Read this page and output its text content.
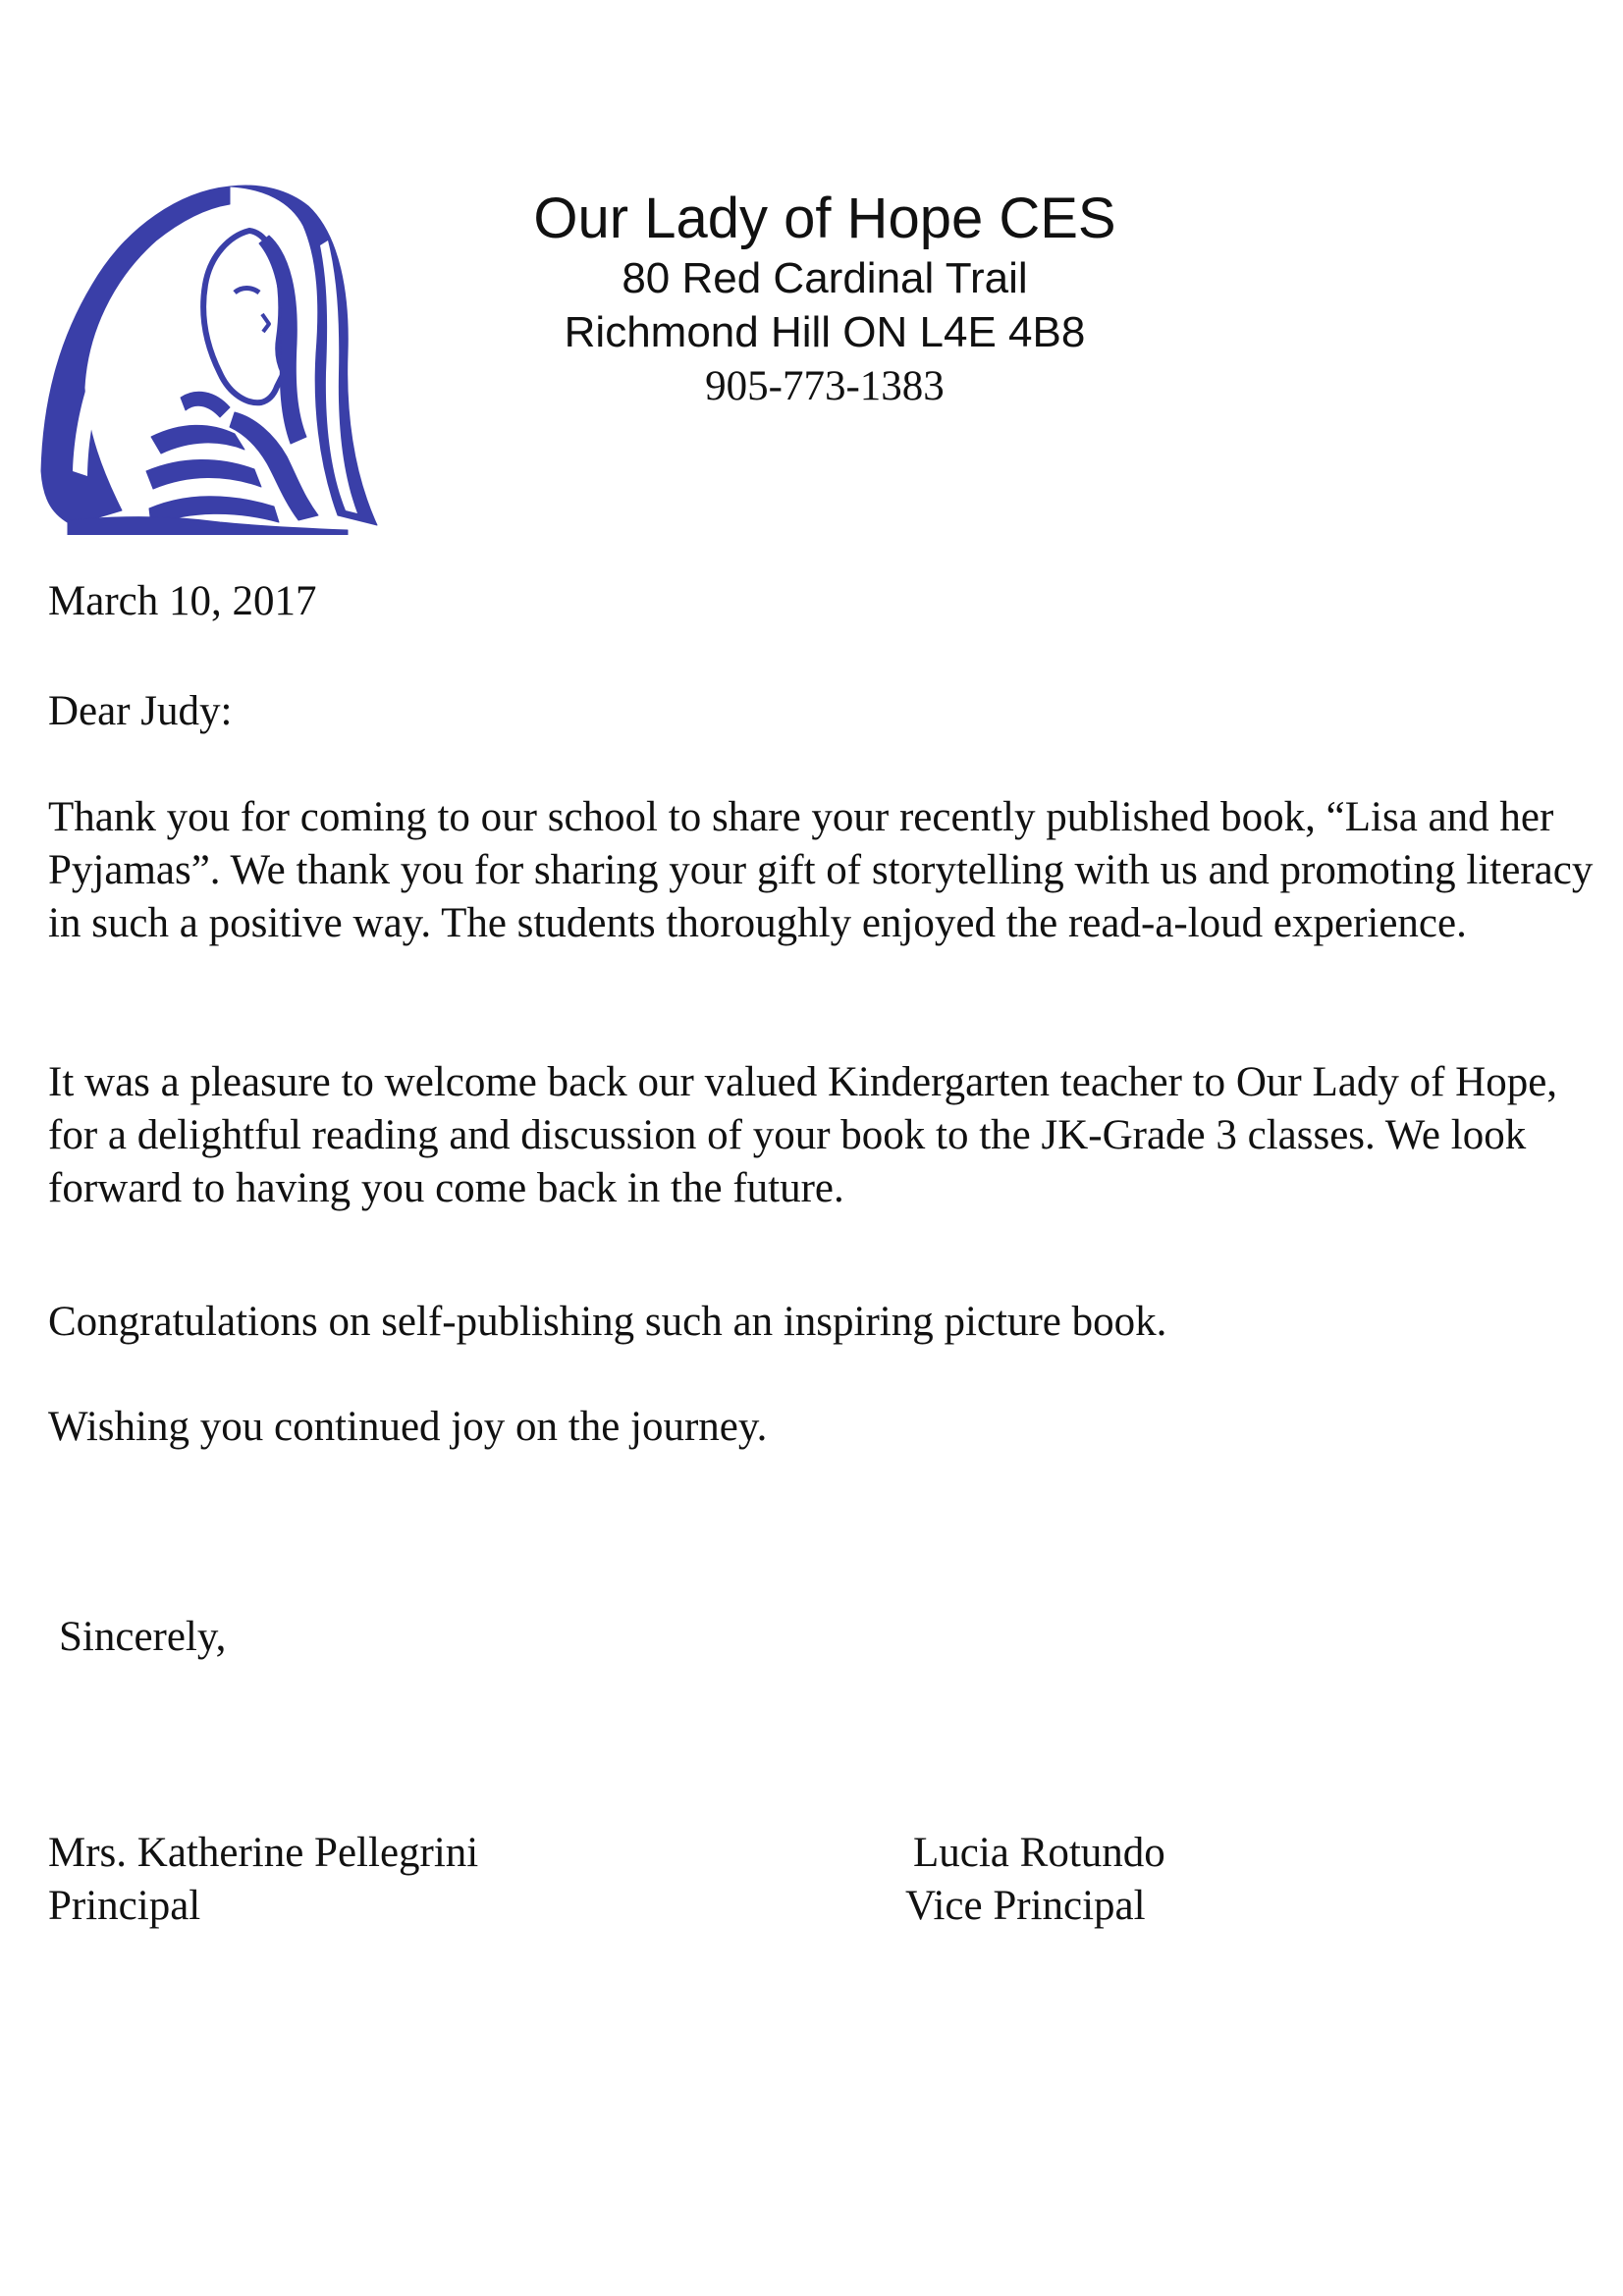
Our Lady of Hope CES
80 Red Cardinal Trail
Richmond Hill ON L4E 4B8
905-773-1383

March 10, 2017

Dear Judy:

Thank you for coming to our school to share your recently published book, “Lisa and her Pyjamas”. We thank you for sharing your gift of storytelling with us and promoting literacy in such a positive way. The students thoroughly enjoyed the read-a-loud experience.

It was a pleasure to welcome back our valued Kindergarten teacher to Our Lady of Hope, for a delightful reading and discussion of your book to the JK-Grade 3 classes. We look forward to having you come back in the future.

Congratulations on self-publishing such an inspiring picture book.

Wishing you continued joy on the journey.

Sincerely,

Mrs. Katherine Pellegrini
Principal
Lucia Rotundo
Vice Principal
